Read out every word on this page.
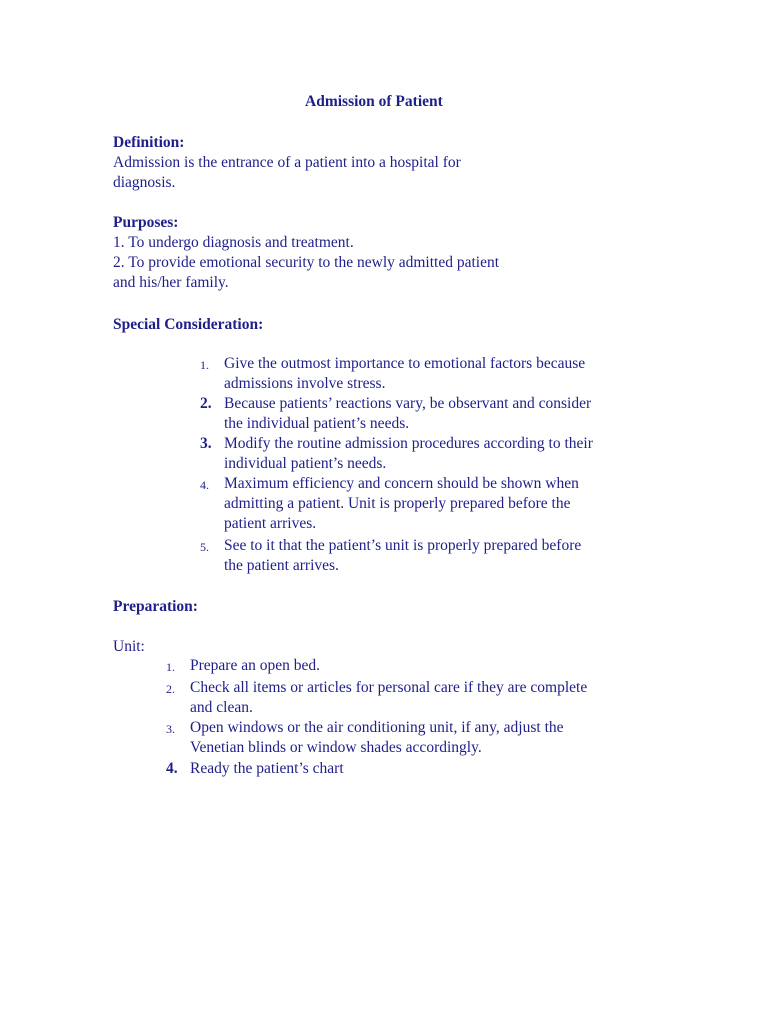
Admission of Patient
Definition:
Admission is the entrance of a patient into a hospital for
diagnosis.
Purposes:
1. To undergo diagnosis and treatment.
2. To provide emotional security to the newly admitted patient
and his/her family.
Special Consideration:
1. Give the outmost importance to emotional factors because
admissions involve stress.
2. Because patients’ reactions vary, be observant and consider
the individual patient’s needs.
3. Modify the routine admission procedures according to their
individual patient’s needs.
4. Maximum efficiency and concern should be shown when
admitting a patient. Unit is properly prepared before the
patient arrives.
5. See to it that the patient’s unit is properly prepared before
the patient arrives.
Preparation:
Unit:
1. Prepare an open bed.
2. Check all items or articles for personal care if they are complete
and clean.
3. Open windows or the air conditioning unit, if any, adjust the
Venetian blinds or window shades accordingly.
4. Ready the patient’s chart
